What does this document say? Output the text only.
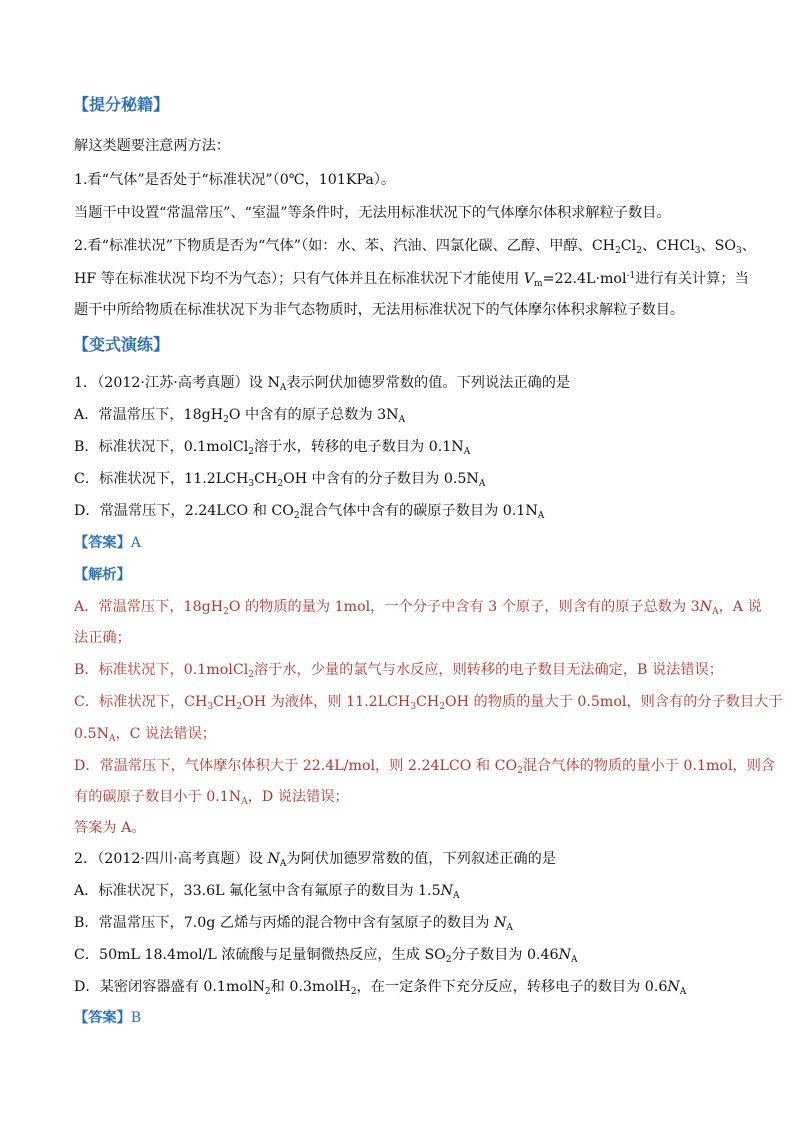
【提分秘籍】
解这类题要注意两方法：
1.看“气体”是否处于“标准状况”（0℃，101KPa）。
当题干中设置“常温常压”、“室温”等条件时，无法用标准状况下的气体摩尔体积求解粒子数目。
2.看“标准状况”下物质是否为“气体”（如：水、苯、汽油、四氯化碳、乙醇、甲醇、$CH_2Cl_2$、CHCl$_3$、$SO_3$、
HF 等在标准状况下均不为气态）；只有气体并且在标准状况下才能使用 $V_m=22.4L\cdot mol^{-1}$进行有关计算；当
题干中所给物质在标准状况下为非气态物质时，无法用标准状况下的气体摩尔体积求解粒子数目。
【变式演练】
1．（2012·江苏·高考真题）设 $N_A$表示阿伏加德罗常数的值。下列说法正确的是
A．常温常压下，$18gH_2O$ 中含有的原子总数为 $3N_A$
B．标准状况下，0.1molCl$_2$溶于水，转移的电子数目为 $0.1N_A$
C．标准状况下，$11.2LCH_3CH_2OH$ 中含有的分子数目为 $0.5N_A$
D．常温常压下，2.24LCO 和 $CO_2$混合气体中含有的碳原子数目为 $0.1N_A$
【答案】A
【解析】
A．常温常压下，$18gH_2O$ 的物质的量为 1mol，一个分子中含有 3 个原子，则含有的原子总数为 $3N_A$，A 说
法正确；
B．标准状况下，0.1molCl$_2$溶于水，少量的氯气与水反应，则转移的电子数目无法确定，B 说法错误；
C．标准状况下，$CH_3CH_2OH$ 为液体，则 $11.2LCH_3CH_2OH$ 的物质的量大于 0.5mol，则含有的分子数目大于
$0.5N_A$，C 说法错误；
D．常温常压下，气体摩尔体积大于 22.4L/mol，则 2.24LCO 和 $CO_2$混合气体的物质的量小于 0.1mol，则含
有的碳原子数目小于 $0.1N_A$，D 说法错误；
答案为 A。
2．（2012·四川·高考真题）设 $N_A$为阿伏加德罗常数的值，下列叙述正确的是
A．标准状况下，33.6L 氟化氢中含有氟原子的数目为 $1.5N_A$
B．常温常压下，7.0g 乙烯与丙烯的混合物中含有氢原子的数目为 $N_A$
C．50mL 18.4mol/L 浓硫酸与足量铜微热反应，生成 $SO_2$分子数目为 $0.46N_A$
D．某密闭容器盛有 0.1molN$_2$和 0.3molH$_2$，在一定条件下充分反应，转移电子的数目为 $0.6N_A$
【答案】B
